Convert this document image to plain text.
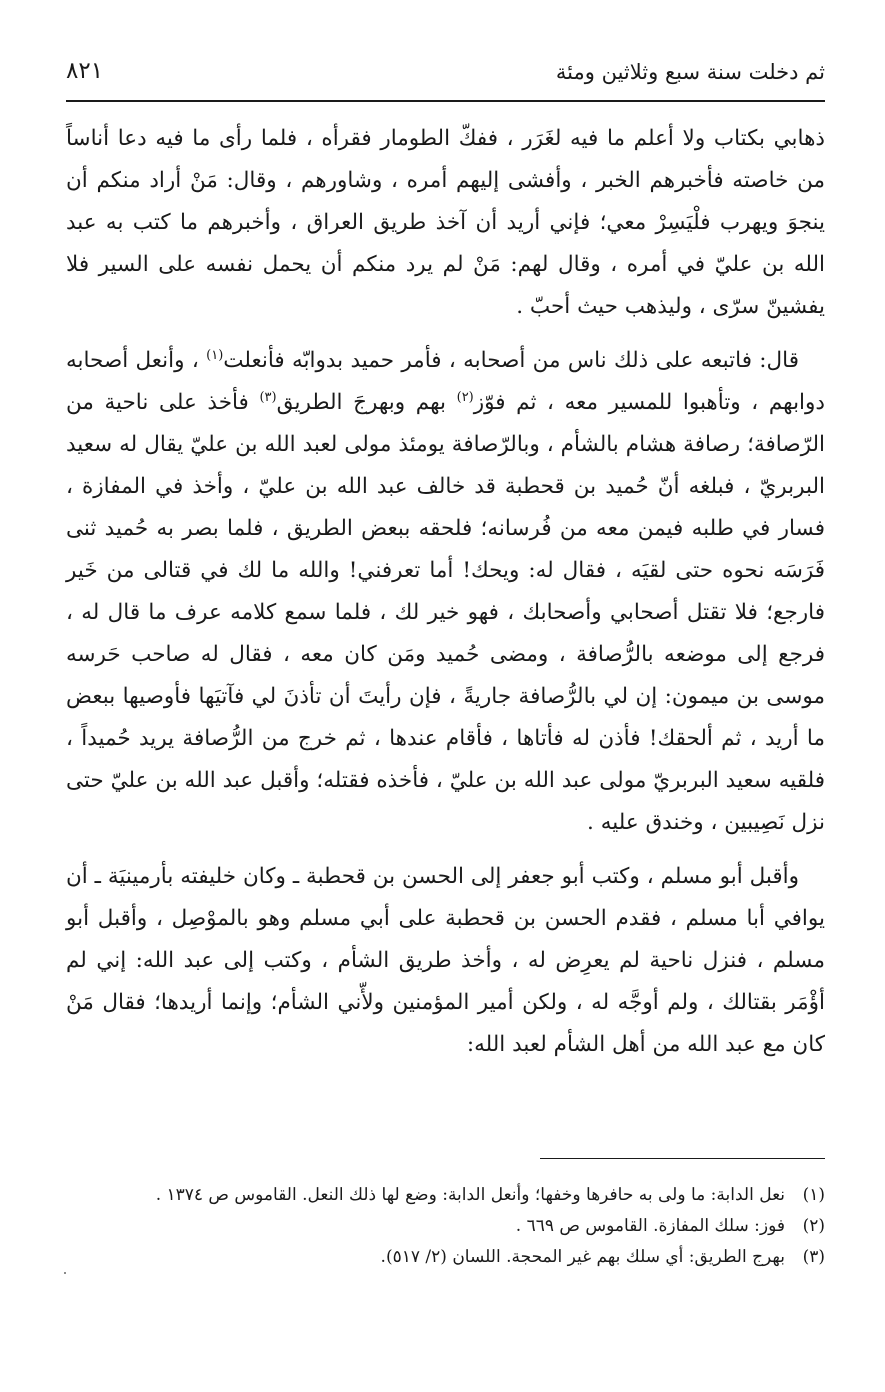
ثم دخلت سنة سبع وثلاثين ومئة
٨٢١

ذهابي بكتاب ولا أعلم ما فيه لغَرَر ، ففكّ الطومار فقرأه ، فلما رأى ما فيه دعا أناساً من خاصته فأخبرهم الخبر ، وأفشى إليهم أمره ، وشاورهم ، وقال: مَنْ أراد منكم أن ينجوَ ويهرب فلْيَسِرْ معي؛ فإني أريد أن آخذ طريق العراق ، وأخبرهم ما كتب به عبد الله بن عليّ في أمره ، وقال لهم: مَنْ لم يرد منكم أن يحمل نفسه على السير فلا يفشينّ سرّى ، وليذهب حيث أحبّ .

قال: فاتبعه على ذلك ناس من أصحابه ، فأمر حميد بدوابّه فأنعلت$^{(١)}$ ، وأنعل أصحابه دوابهم ، وتأهبوا للمسير معه ، ثم فوّز$^{(٢)}$ بهم وبهرجَ الطريق$^{(٣)}$ فأخذ على ناحية من الرّصافة؛ رصافة هشام بالشأم ، وبالرّصافة يومئذ مولى لعبد الله بن عليّ يقال له سعيد البربريّ ، فبلغه أنّ حُميد بن قحطبة قد خالف عبد الله بن عليّ ، وأخذ في المفازة ، فسار في طلبه فيمن معه من فُرسانه؛ فلحقه ببعض الطريق ، فلما بصر به حُميد ثنى فَرَسَه نحوه حتى لقيَه ، فقال له: ويحك! أما تعرفني! والله ما لك في قتالى من خَير فارجع؛ فلا تقتل أصحابي وأصحابك ، فهو خير لك ، فلما سمع كلامه عرف ما قال له ، فرجع إلى موضعه بالرُّصافة ، ومضى حُميد ومَن كان معه ، فقال له صاحب حَرسه موسى بن ميمون: إن لي بالرُّصافة جاريةً ، فإن رأيتَ أن تأذنَ لي فآتيَها فأوصيها ببعض ما أريد ، ثم ألحقك! فأذن له فأتاها ، فأقام عندها ، ثم خرج من الرُّصافة يريد حُميداً ، فلقيه سعيد البربريّ مولى عبد الله بن عليّ ، فأخذه فقتله؛ وأقبل عبد الله بن عليّ حتى نزل نَصِيبين ، وخندق عليه .

وأقبل أبو مسلم ، وكتب أبو جعفر إلى الحسن بن قحطبة ـ وكان خليفته بأرمينيَة ـ أن يوافي أبا مسلم ، فقدم الحسن بن قحطبة على أبي مسلم وهو بالموْصِل ، وأقبل أبو مسلم ، فنزل ناحية لم يعرِض له ، وأخذ طريق الشأم ، وكتب إلى عبد الله: إني لم أؤْمَر بقتالك ، ولم أوجَّه له ، ولكن أمير المؤمنين ولأّني الشأم؛ وإنما أريدها؛ فقال مَنْ كان مع عبد الله من أهل الشأم لعبد الله:

(١)
نعل الدابة: ما ولى به حافرها وخفها؛ وأنعل الدابة: وضع لها ذلك النعل. القاموس ص ١٣٧٤ .
(٢)
فوز: سلك المفازة. القاموس ص ٦٦٩ .
(٣)
بهرج الطريق: أي سلك بهم غير المحجة. اللسان (٢/ ٥١٧).
